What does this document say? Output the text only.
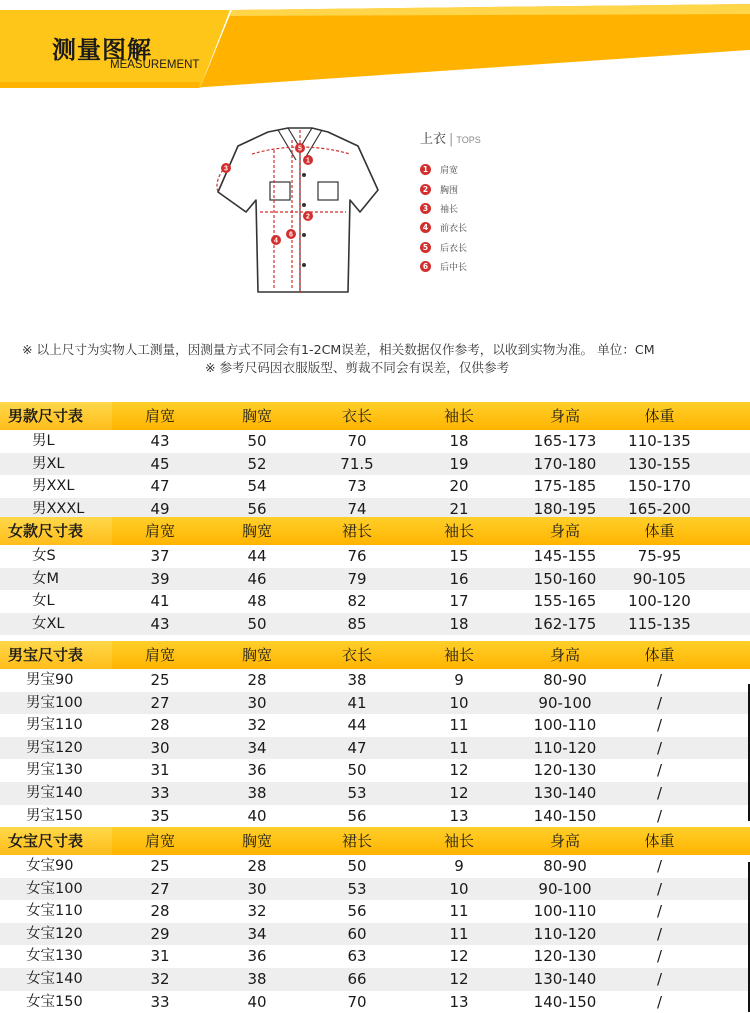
测量图解
MEASUREMENT
1
2
3
4
6
5
上衣 | TOPS
1	肩宽
2	胸围
3	袖长
4	前衣长
5	后衣长
6	后中长
※ 以上尺寸为实物人工测量，因测量方式不同会有1-2CM误差，相关数据仅作参考，以收到实物为准。 单位：CM
※ 参考尺码因衣服版型、剪裁不同会有误差，仅供参考
男款尺寸表	肩宽	胸宽	衣长	袖长	身高	体重
男L	43	50	70	18	165-173	110-135
男XL	45	52	71.5	19	170-180	130-155
男XXL	47	54	73	20	175-185	150-170
男XXXL	49	56	74	21	180-195	165-200
女款尺寸表	肩宽	胸宽	裙长	袖长	身高	体重
女S	37	44	76	15	145-155	75-95
女M	39	46	79	16	150-160	90-105
女L	41	48	82	17	155-165	100-120
女XL	43	50	85	18	162-175	115-135
男宝尺寸表	肩宽	胸宽	衣长	袖长	身高	体重
男宝90	25	28	38	9	80-90	/
男宝100	27	30	41	10	90-100	/
男宝110	28	32	44	11	100-110	/
男宝120	30	34	47	11	110-120	/
男宝130	31	36	50	12	120-130	/
男宝140	33	38	53	12	130-140	/
男宝150	35	40	56	13	140-150	/
女宝尺寸表	肩宽	胸宽	裙长	袖长	身高	体重
女宝90	25	28	50	9	80-90	/
女宝100	27	30	53	10	90-100	/
女宝110	28	32	56	11	100-110	/
女宝120	29	34	60	11	110-120	/
女宝130	31	36	63	12	120-130	/
女宝140	32	38	66	12	130-140	/
女宝150	33	40	70	13	140-150	/
